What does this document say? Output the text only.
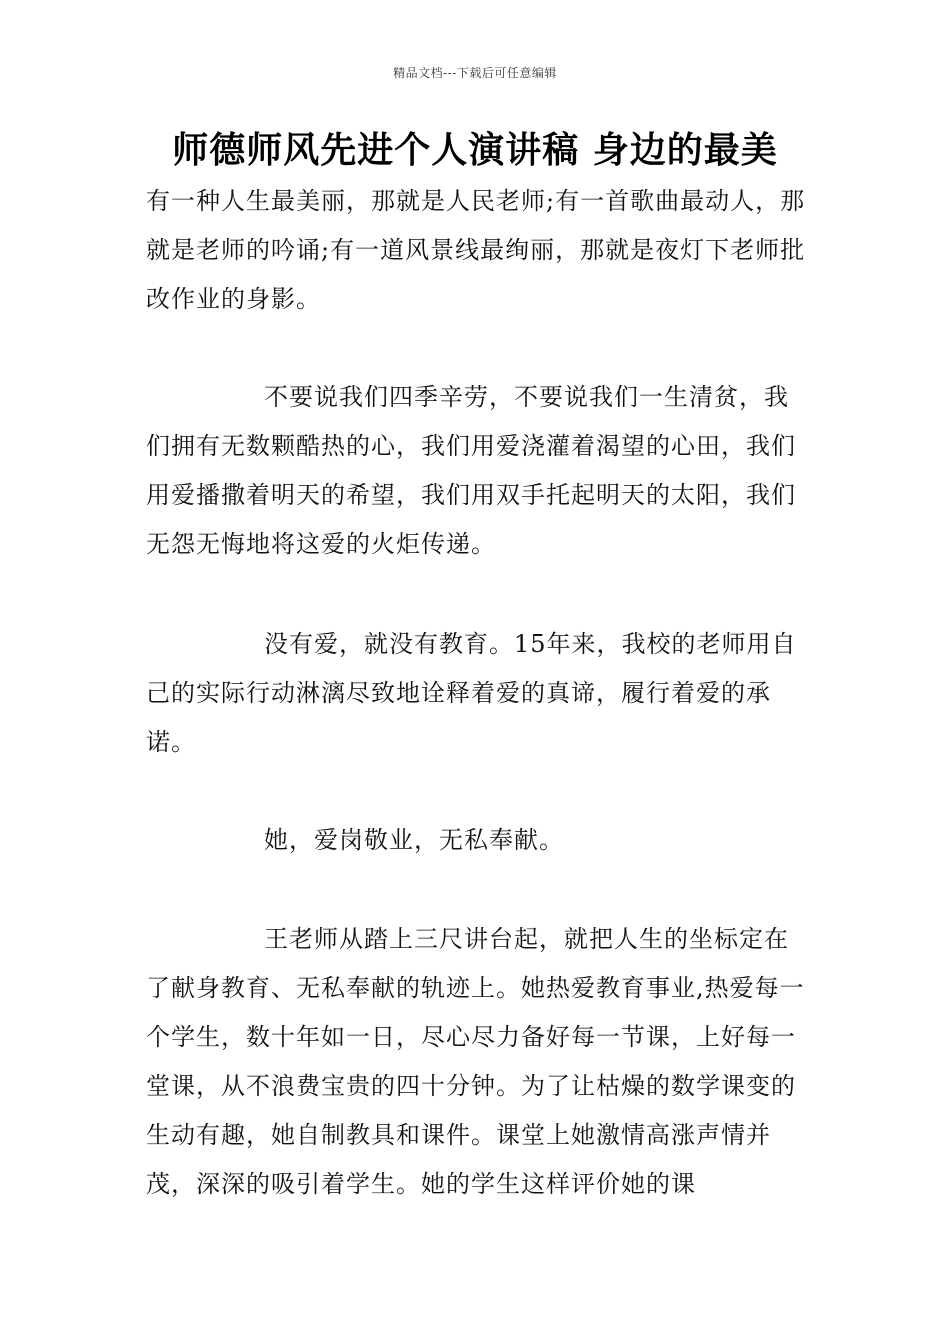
精品文档---下载后可任意编辑
师德师风先进个人演讲稿 身边的最美

有一种人生最美丽，那就是人民老师;有一首歌曲最动人，那就是老师的吟诵;有一道风景线最绚丽，那就是夜灯下老师批改作业的身影。

不要说我们四季辛劳，不要说我们一生清贫，我们拥有无数颗酷热的心，我们用爱浇灌着渴望的心田，我们用爱播撒着明天的希望，我们用双手托起明天的太阳，我们无怨无悔地将这爱的火炬传递。

没有爱，就没有教育。15年来，我校的老师用自己的实际行动淋漓尽致地诠释着爱的真谛，履行着爱的承诺。

她，爱岗敬业，无私奉献。

王老师从踏上三尺讲台起，就把人生的坐标定在了献身教育、无私奉献的轨迹上。她热爱教育事业,热爱每一个学生，数十年如一日，尽心尽力备好每一节课，上好每一堂课，从不浪费宝贵的四十分钟。为了让枯燥的数学课变的生动有趣，她自制教具和课件。课堂上她激情高涨声情并茂，深深的吸引着学生。她的学生这样评价她的课
